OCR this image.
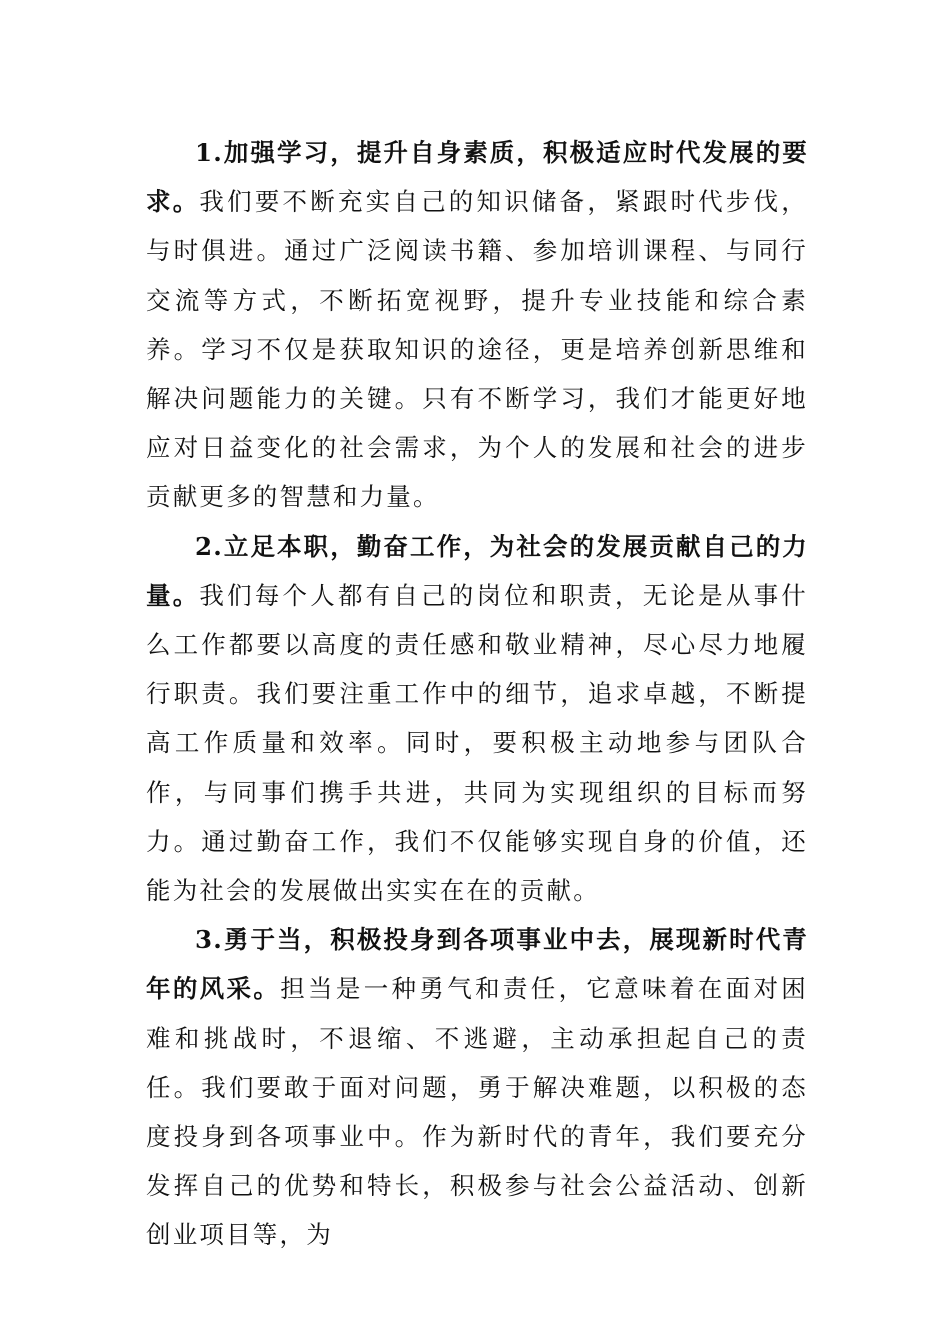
1.加强学习，提升自身素质，积极适应时代发展的要求。我们要不断充实自己的知识储备，紧跟时代步伐，与时俱进。通过广泛阅读书籍、参加培训课程、与同行交流等方式，不断拓宽视野，提升专业技能和综合素养。学习不仅是获取知识的途径，更是培养创新思维和解决问题能力的关键。只有不断学习，我们才能更好地应对日益变化的社会需求，为个人的发展和社会的进步贡献更多的智慧和力量。

2.立足本职，勤奋工作，为社会的发展贡献自己的力量。我们每个人都有自己的岗位和职责，无论是从事什么工作都要以高度的责任感和敬业精神，尽心尽力地履行职责。我们要注重工作中的细节，追求卓越，不断提高工作质量和效率。同时，要积极主动地参与团队合作，与同事们携手共进，共同为实现组织的目标而努力。通过勤奋工作，我们不仅能够实现自身的价值，还能为社会的发展做出实实在在的贡献。

3.勇于当，积极投身到各项事业中去，展现新时代青年的风采。担当是一种勇气和责任，它意味着在面对困难和挑战时，不退缩、不逃避，主动承担起自己的责任。我们要敢于面对问题，勇于解决难题，以积极的态度投身到各项事业中。作为新时代的青年，我们要充分发挥自己的优势和特长，积极参与社会公益活动、创新创业项目等，为
